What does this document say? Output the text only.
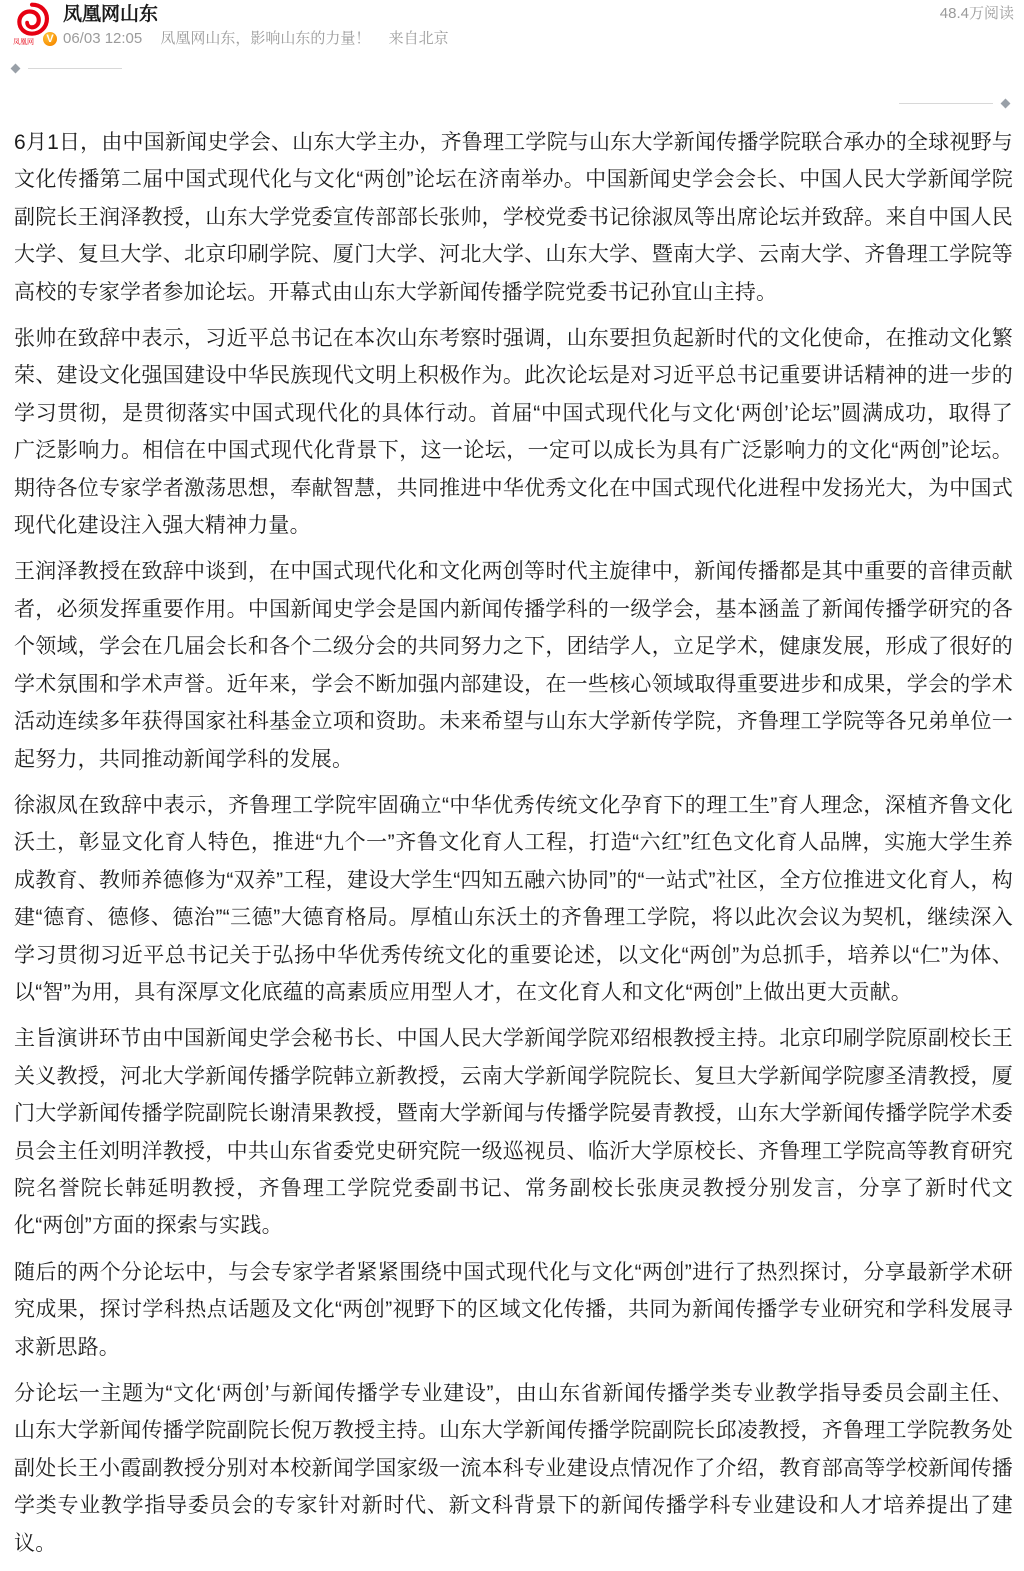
凤凰网	V
凤凰网山东
06/03 12:05 凤凰网山东，影响山东的力量！ 来自北京
48.4万阅读

6月1日，由中国新闻史学会、山东大学主办，齐鲁理工学院与山东大学新闻传播学院联合承办的全球视野与文化传播第二届中国式现代化与文化“两创”论坛在济南举办。中国新闻史学会会长、中国人民大学新闻学院副院长王润泽教授，山东大学党委宣传部部长张帅，学校党委书记徐淑凤等出席论坛并致辞。来自中国人民大学、复旦大学、北京印刷学院、厦门大学、河北大学、山东大学、暨南大学、云南大学、齐鲁理工学院等高校的专家学者参加论坛。开幕式由山东大学新闻传播学院党委书记孙宜山主持。

张帅在致辞中表示，习近平总书记在本次山东考察时强调，山东要担负起新时代的文化使命，在推动文化繁荣、建设文化强国建设中华民族现代文明上积极作为。此次论坛是对习近平总书记重要讲话精神的进一步的学习贯彻，是贯彻落实中国式现代化的具体行动。首届“中国式现代化与文化‘两创’论坛”圆满成功，取得了广泛影响力。相信在中国式现代化背景下，这一论坛，一定可以成长为具有广泛影响力的文化“两创”论坛。期待各位专家学者激荡思想，奉献智慧，共同推进中华优秀文化在中国式现代化进程中发扬光大，为中国式现代化建设注入强大精神力量。

王润泽教授在致辞中谈到，在中国式现代化和文化两创等时代主旋律中，新闻传播都是其中重要的音律贡献者，必须发挥重要作用。中国新闻史学会是国内新闻传播学科的一级学会，基本涵盖了新闻传播学研究的各个领域，学会在几届会长和各个二级分会的共同努力之下，团结学人，立足学术，健康发展，形成了很好的学术氛围和学术声誉。近年来，学会不断加强内部建设，在一些核心领域取得重要进步和成果，学会的学术活动连续多年获得国家社科基金立项和资助。未来希望与山东大学新传学院，齐鲁理工学院等各兄弟单位一起努力，共同推动新闻学科的发展。

徐淑凤在致辞中表示，齐鲁理工学院牢固确立“中华优秀传统文化孕育下的理工生”育人理念，深植齐鲁文化沃土，彰显文化育人特色，推进“九个一”齐鲁文化育人工程，打造“六红”红色文化育人品牌，实施大学生养成教育、教师养德修为“双养”工程，建设大学生“四知五融六协同”的“一站式”社区，全方位推进文化育人，构建“德育、德修、德治”“三德”大德育格局。厚植山东沃土的齐鲁理工学院，将以此次会议为契机，继续深入学习贯彻习近平总书记关于弘扬中华优秀传统文化的重要论述，以文化“两创”为总抓手，培养以“仁”为体、以“智”为用，具有深厚文化底蕴的高素质应用型人才，在文化育人和文化“两创”上做出更大贡献。

主旨演讲环节由中国新闻史学会秘书长、中国人民大学新闻学院邓绍根教授主持。北京印刷学院原副校长王关义教授，河北大学新闻传播学院韩立新教授，云南大学新闻学院院长、复旦大学新闻学院廖圣清教授，厦门大学新闻传播学院副院长谢清果教授，暨南大学新闻与传播学院晏青教授，山东大学新闻传播学院学术委员会主任刘明洋教授，中共山东省委党史研究院一级巡视员、临沂大学原校长、齐鲁理工学院高等教育研究院名誉院长韩延明教授，齐鲁理工学院党委副书记、常务副校长张庚灵教授分别发言，分享了新时代文化“两创”方面的探索与实践。

随后的两个分论坛中，与会专家学者紧紧围绕中国式现代化与文化“两创”进行了热烈探讨，分享最新学术研究成果，探讨学科热点话题及文化“两创”视野下的区域文化传播，共同为新闻传播学专业研究和学科发展寻求新思路。

分论坛一主题为“文化‘两创’与新闻传播学专业建设”，由山东省新闻传播学类专业教学指导委员会副主任、山东大学新闻传播学院副院长倪万教授主持。山东大学新闻传播学院副院长邱凌教授，齐鲁理工学院教务处副处长王小霞副教授分别对本校新闻学国家级一流本科专业建设点情况作了介绍，教育部高等学校新闻传播学类专业教学指导委员会的专家针对新时代、新文科背景下的新闻传播学科专业建设和人才培养提出了建议。
